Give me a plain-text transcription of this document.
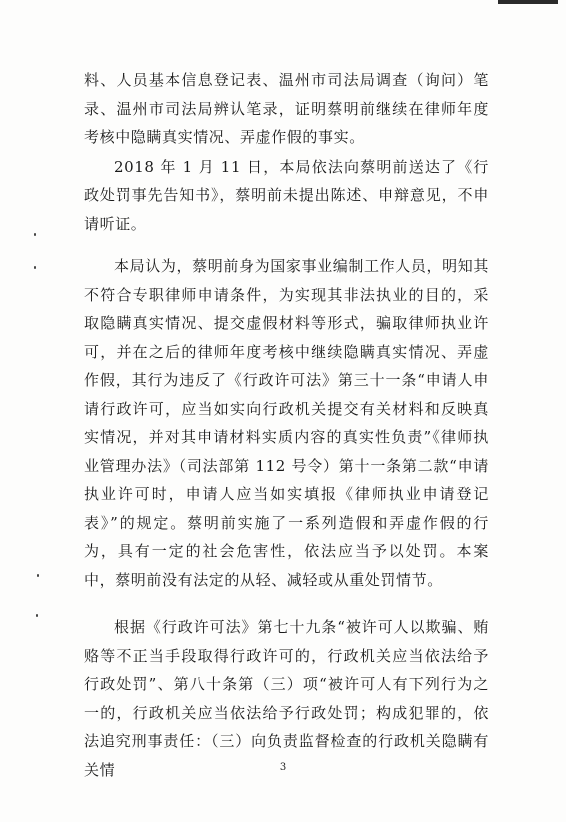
料、人员基本信息登记表、温州市司法局调查（询问）笔录、温州市司法局辨认笔录，证明蔡明前继续在律师年度考核中隐瞒真实情况、弄虚作假的事实。

2018 年 1 月 11 日，本局依法向蔡明前送达了《行政处罚事先告知书》，蔡明前未提出陈述、申辩意见，不申请听证。

本局认为，蔡明前身为国家事业编制工作人员，明知其不符合专职律师申请条件，为实现其非法执业的目的，采取隐瞒真实情况、提交虚假材料等形式，骗取律师执业许可，并在之后的律师年度考核中继续隐瞒真实情况、弄虚作假，其行为违反了《行政许可法》第三十一条“申请人申请行政许可，应当如实向行政机关提交有关材料和反映真实情况，并对其申请材料实质内容的真实性负责”《律师执业管理办法》（司法部第 112 号令）第十一条第二款“申请执业许可时，申请人应当如实填报《律师执业申请登记表》”的规定。蔡明前实施了一系列造假和弄虚作假的行为，具有一定的社会危害性，依法应当予以处罚。本案中，蔡明前没有法定的从轻、减轻或从重处罚情节。

根据《行政许可法》第七十九条“被许可人以欺骗、贿赂等不正当手段取得行政许可的，行政机关应当依法给予行政处罚”、第八十条第（三）项“被许可人有下列行为之一的，行政机关应当依法给予行政处罚；构成犯罪的，依法追究刑事责任：（三）向负责监督检查的行政机关隐瞒有关情	3
